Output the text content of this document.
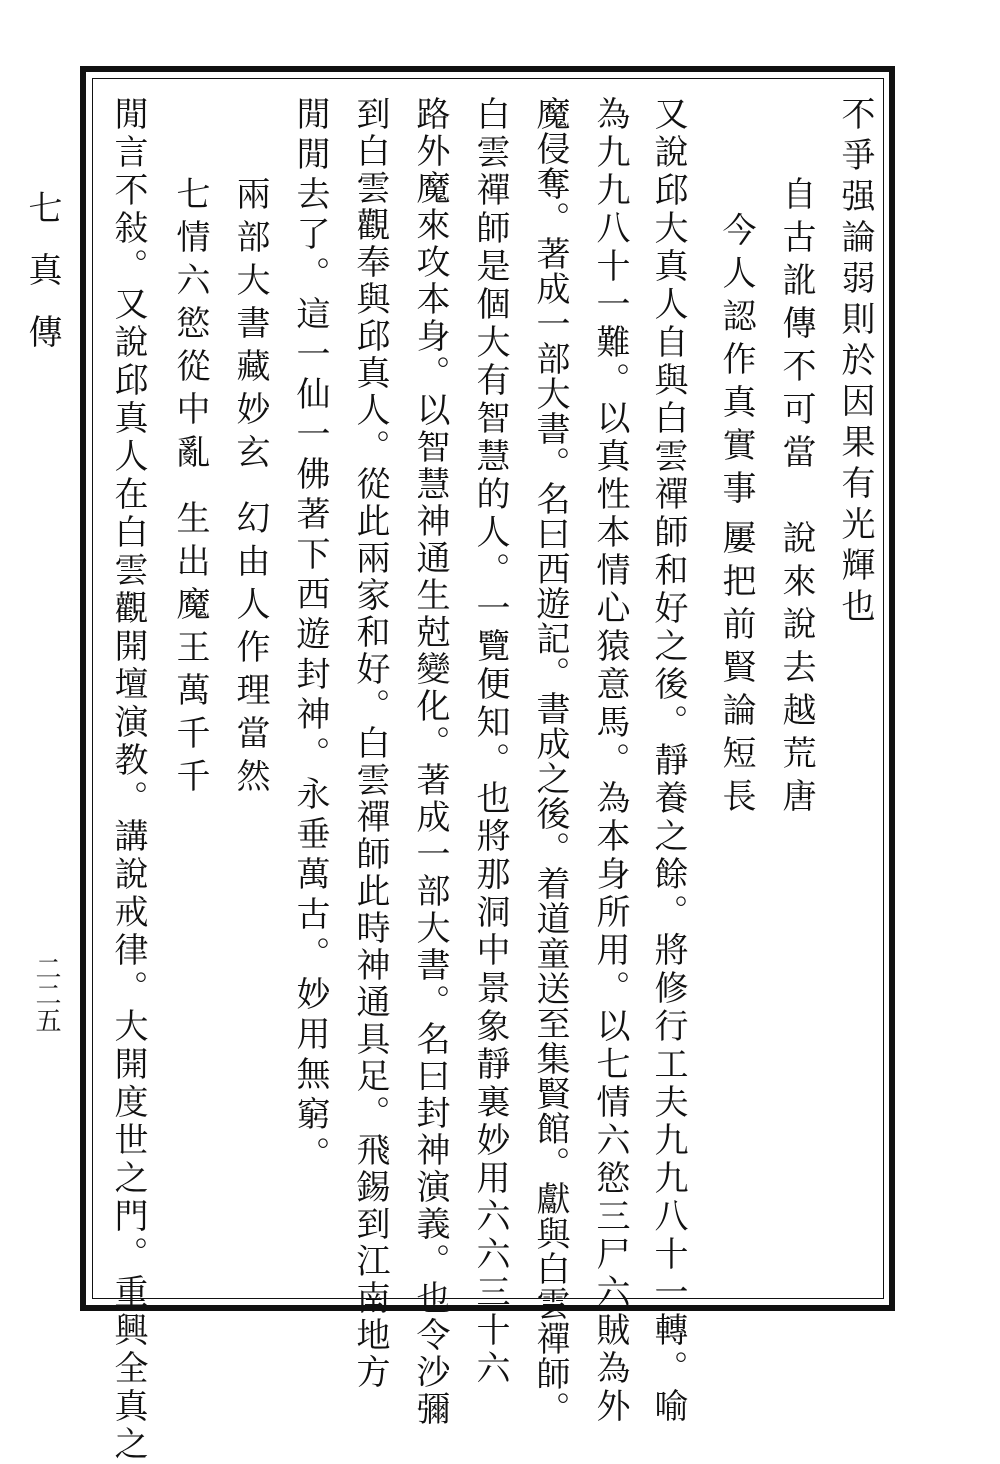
七真傳
二二五
不爭强論弱則於因果有光輝也
自古訛傳不可當
說來說去越荒唐
今人認作真實事
屢把前賢論短長
又說邱大真人自與白雲禪師和好之後。靜養之餘。將修行工夫九九八十一轉。喻
為九九八十一難。以真性本情心猿意馬。為本身所用。以七情六慾三尸六賊為外
魔侵奪。著成一部大書。名曰西遊記。書成之後。着道童送至集賢館。獻與白雲禪師。
白雲禪師是個大有智慧的人。一覽便知。也將那洞中景象靜裏妙用六六三十六
路外魔來攻本身。以智慧神通生尅變化。著成一部大書。名曰封神演義。也令沙彌
到白雲觀奉與邱真人。從此兩家和好。白雲禪師此時神通具足。飛錫到江南地方
閒閒去了。這一仙一佛著下西遊封神。永垂萬古。妙用無窮。
兩部大書藏妙玄
幻由人作理當然
七情六慾從中亂
生出魔王萬千千
閒言不敍。又說邱真人在白雲觀開壇演教。講說戒律。大開度世之門。重興全真之
